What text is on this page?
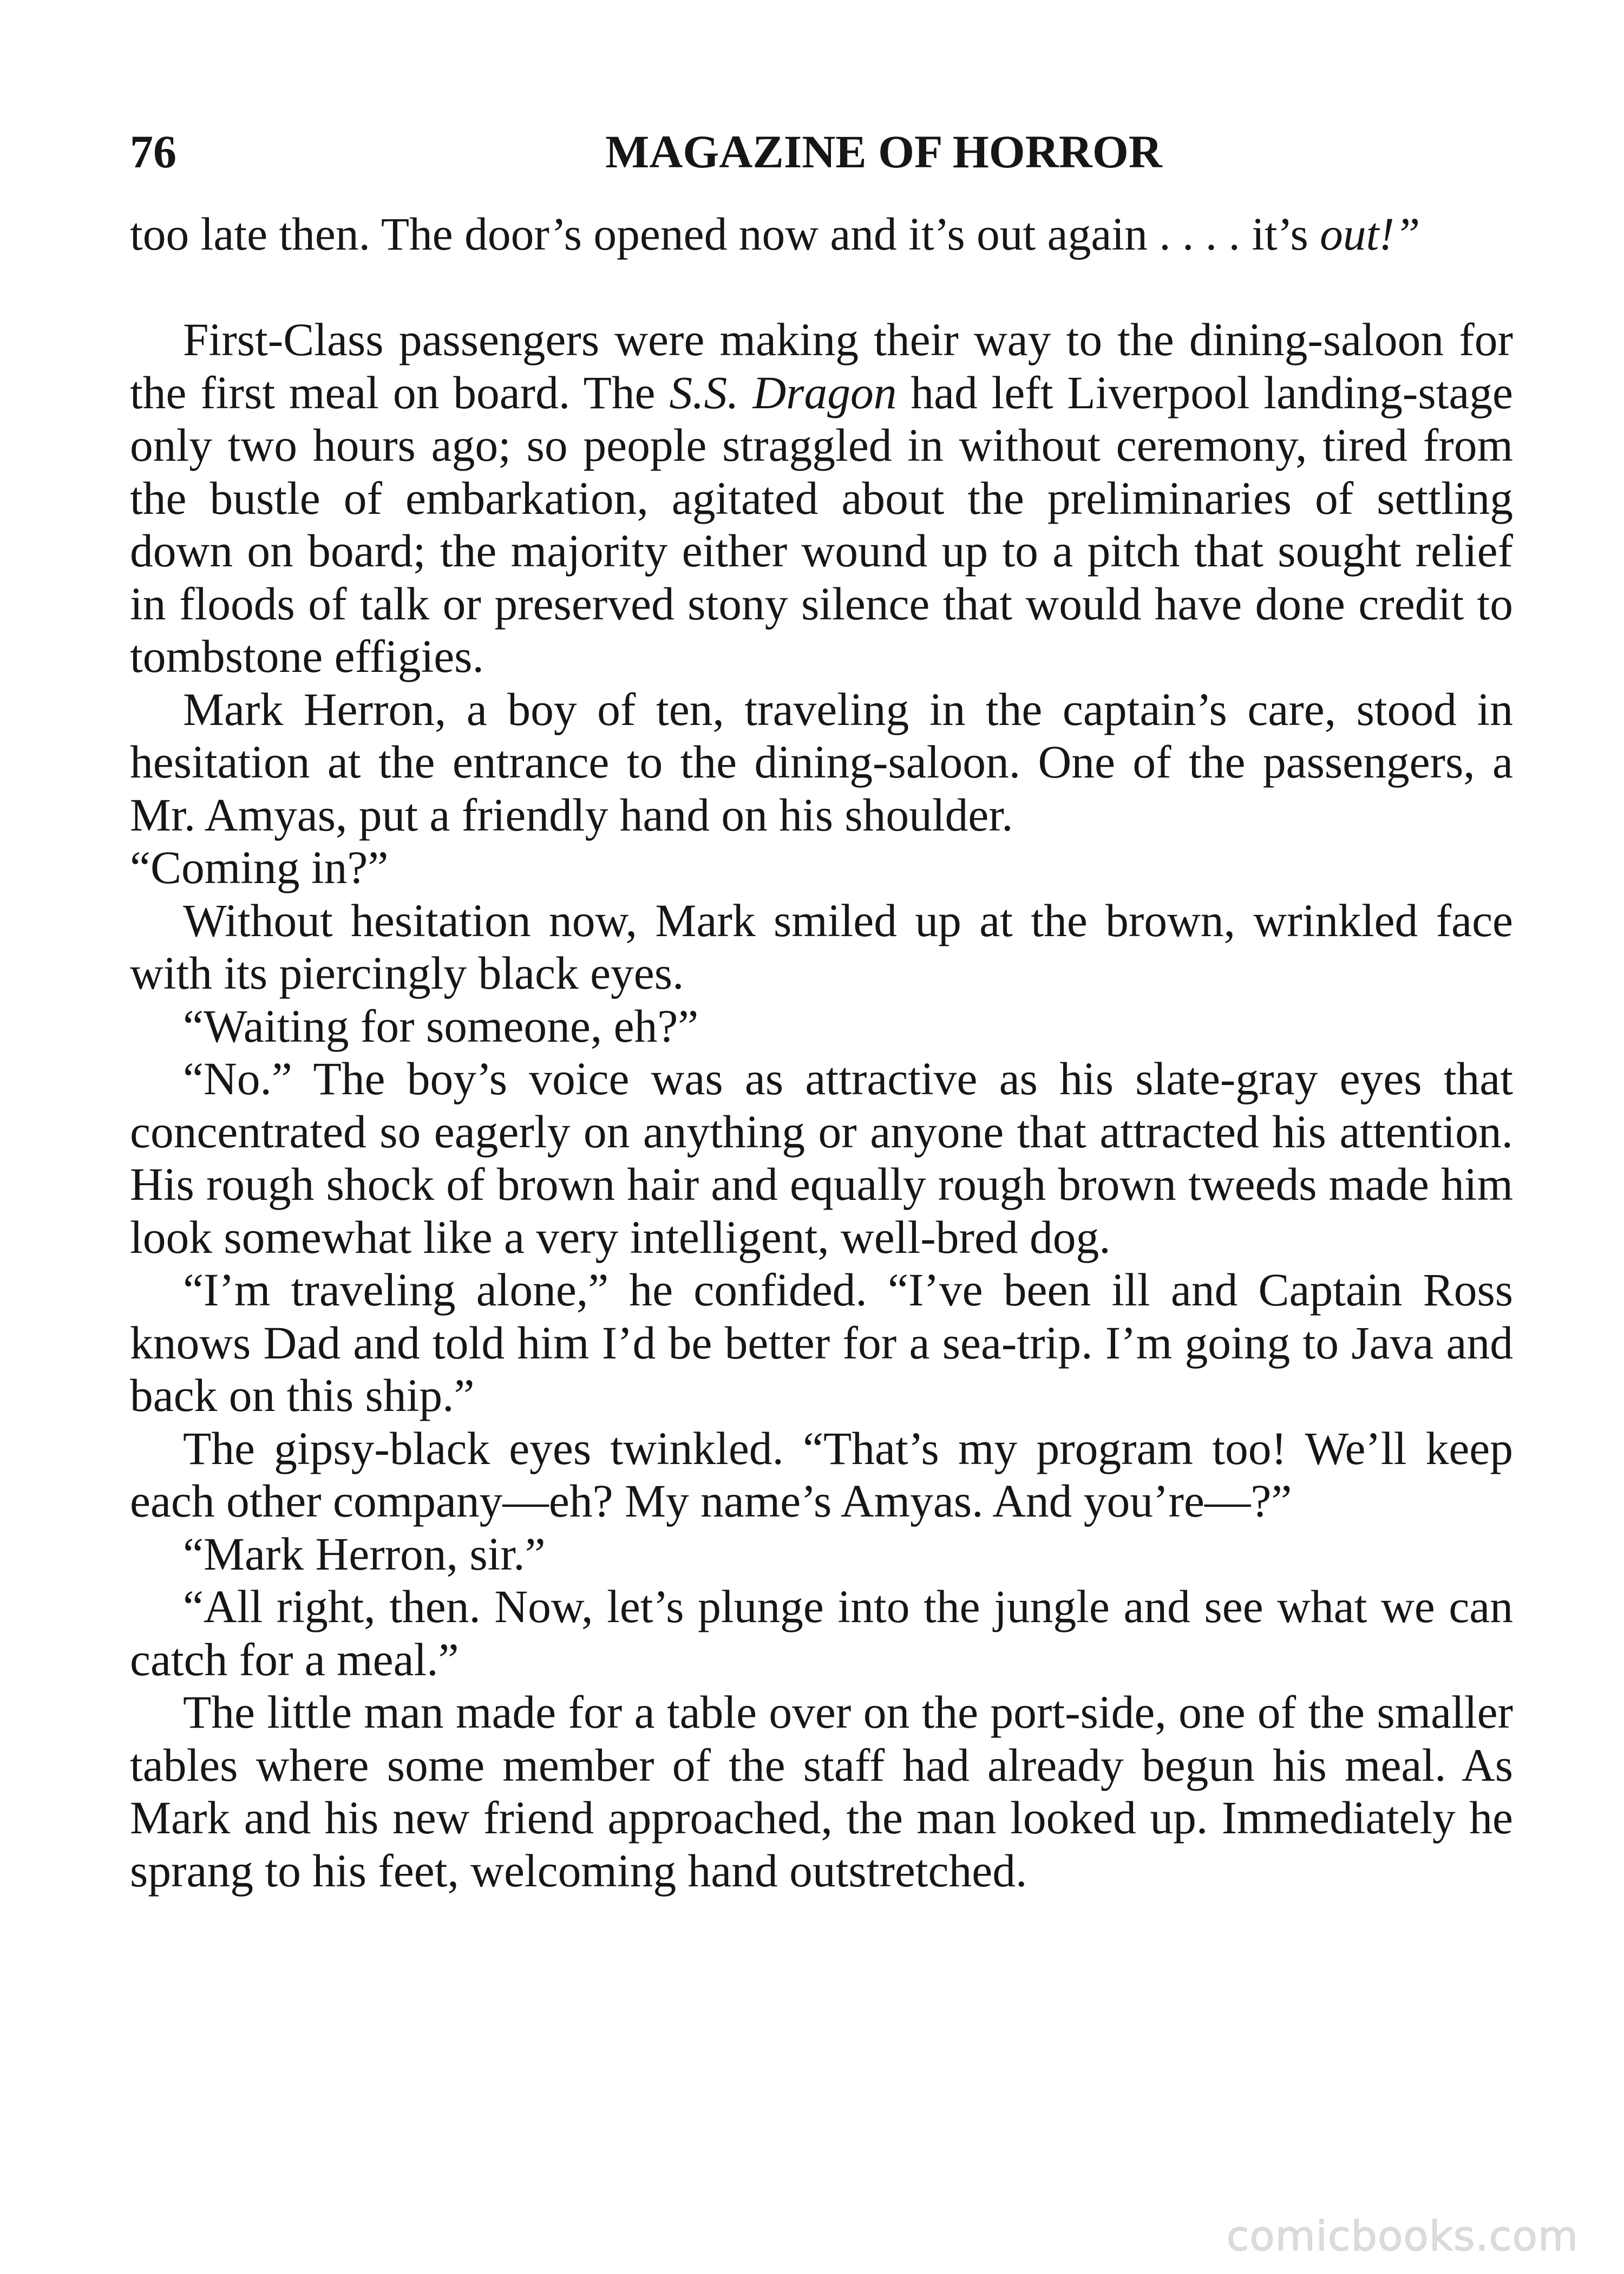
76	MAGAZINE OF HORROR

too late then. The door’s opened now and it’s out again . . . . it’s out!”

First-Class passengers were making their way to the dining-saloon for the first meal on board. The S.S. Dragon had left Liverpool landing-stage only two hours ago; so people straggled in without ceremony, tired from the bustle of embarkation, agitated about the preliminaries of settling down on board; the majority either wound up to a pitch that sought relief in floods of talk or preserved stony silence that would have done credit to tombstone effigies.

Mark Herron, a boy of ten, traveling in the captain’s care, stood in hesitation at the entrance to the dining-saloon. One of the passengers, a Mr. Amyas, put a friendly hand on his shoulder.

“Coming in?”

Without hesitation now, Mark smiled up at the brown, wrinkled face with its piercingly black eyes.

“Waiting for someone, eh?”

“No.” The boy’s voice was as attractive as his slate-gray eyes that concentrated so eagerly on anything or anyone that attracted his attention. His rough shock of brown hair and equally rough brown tweeds made him look somewhat like a very intelligent, well-bred dog.

“I’m traveling alone,” he confided. “I’ve been ill and Captain Ross knows Dad and told him I’d be better for a sea-trip. I’m going to Java and back on this ship.”

The gipsy-black eyes twinkled. “That’s my program too! We’ll keep each other company—eh? My name’s Amyas. And you’re—?”

“Mark Herron, sir.”

“All right, then. Now, let’s plunge into the jungle and see what we can catch for a meal.”

The little man made for a table over on the port-side, one of the smaller tables where some member of the staff had already begun his meal. As Mark and his new friend approached, the man looked up. Immediately he sprang to his feet, welcoming hand outstretched.

comicbooks.com
